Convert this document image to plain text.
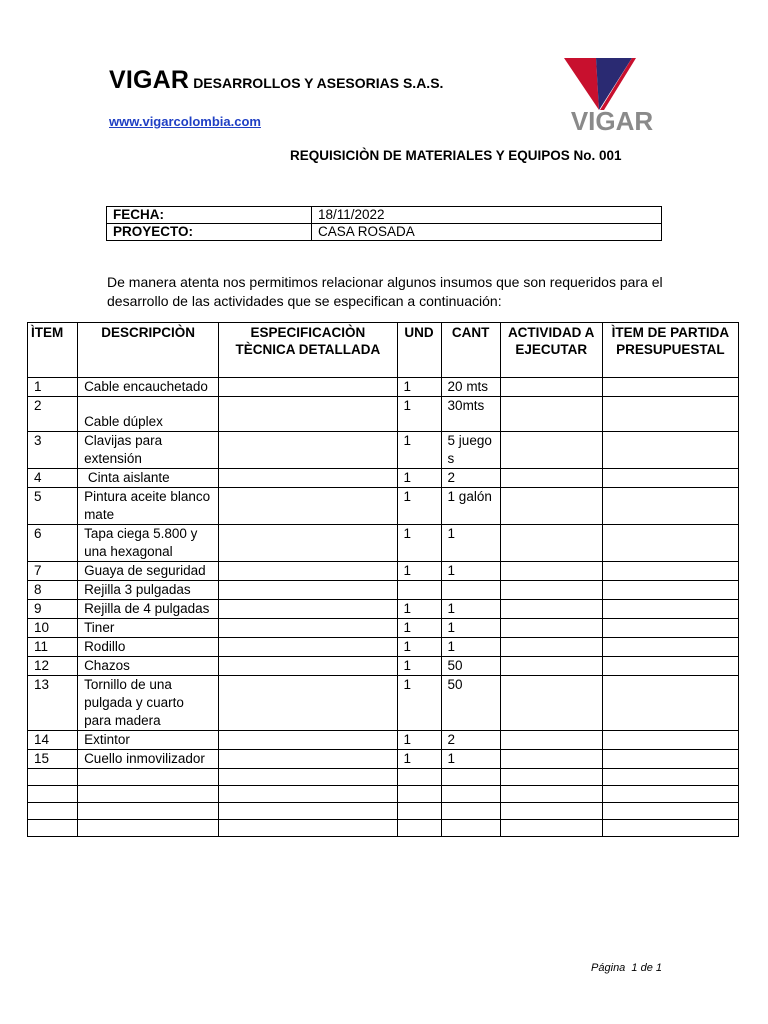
VIGAR DESARROLLOS Y ASESORIAS S.A.S.
www.vigarcolombia.com	VIGAR
REQUISICIÒN DE MATERIALES Y EQUIPOS No. 001
FECHA:	18/11/2022
PROYECTO:	CASA ROSADA
De manera atenta nos permitimos relacionar algunos insumos que son requeridos para el desarrollo de las actividades que se especifican a continuación:
ÌTEM	DESCRIPCIÒN	ESPECIFICACIÒN TÈCNICA DETALLADA	UND	CANT	ACTIVIDAD A EJECUTAR	ÌTEM DE PARTIDA PRESUPUESTAL
1	Cable encauchetado		1	20 mts		
2	Cable dúplex		1	30mts		
3	Clavijas para extensión		1	5 juegos		
4	Cinta aislante		1	2		
5	Pintura aceite blanco mate		1	1 galón		
6	Tapa ciega 5.800 y una hexagonal		1	1		
7	Guaya de seguridad		1	1		
8	Rejilla 3 pulgadas					
9	Rejilla de 4 pulgadas		1	1		
10	Tiner		1	1		
11	Rodillo		1	1		
12	Chazos		1	50		
13	Tornillo de una pulgada y cuarto para madera		1	50		
14	Extintor		1	2		
15	Cuello inmovilizador		1	1		

Página  1 de 1
